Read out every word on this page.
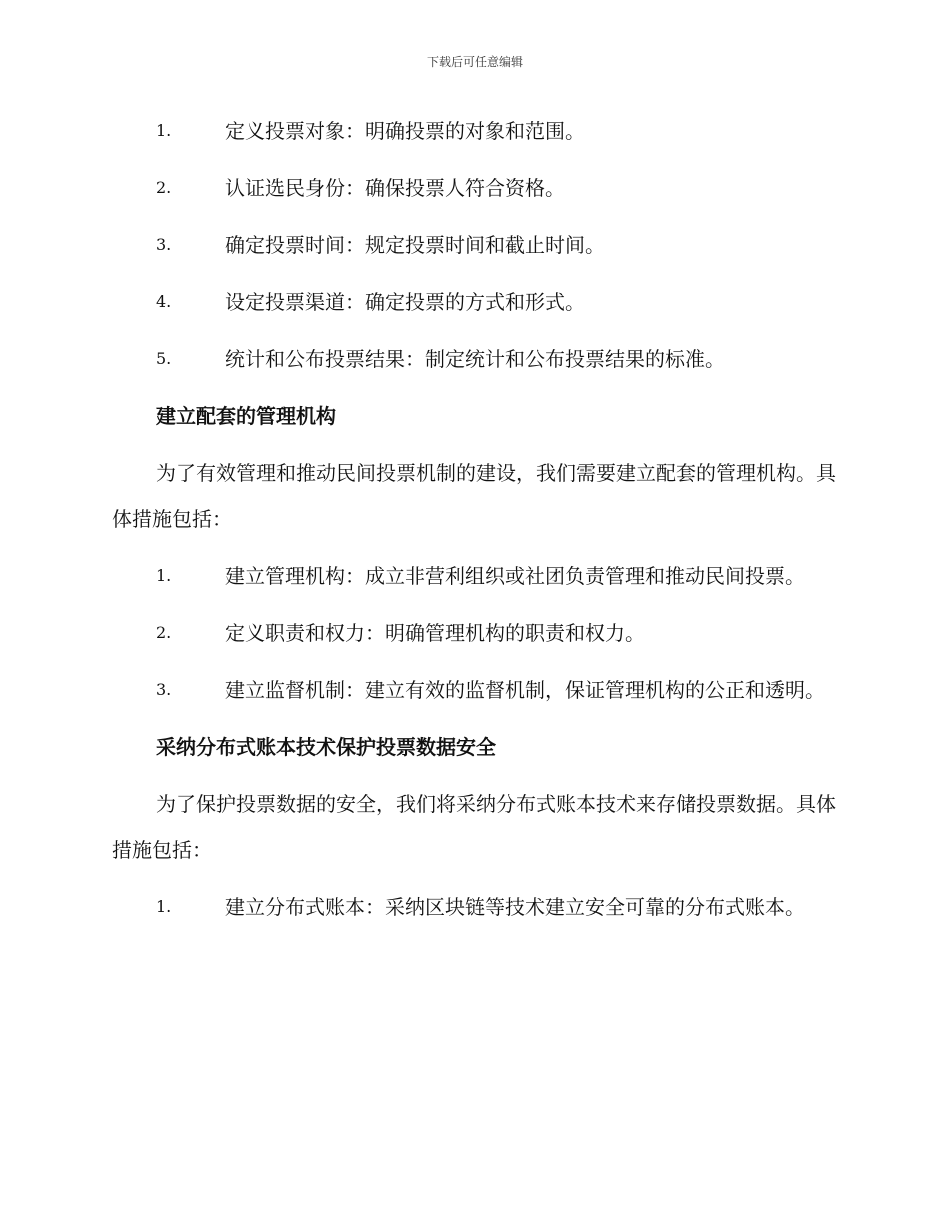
下载后可任意编辑
1.	定义投票对象：明确投票的对象和范围。
2.	认证选民身份：确保投票人符合资格。
3.	确定投票时间：规定投票时间和截止时间。
4.	设定投票渠道：确定投票的方式和形式。
5.	统计和公布投票结果：制定统计和公布投票结果的标准。
建立配套的管理机构
为了有效管理和推动民间投票机制的建设，我们需要建立配套的管理机构。具体措施包括：
1.	建立管理机构：成立非营利组织或社团负责管理和推动民间投票。
2.	定义职责和权力：明确管理机构的职责和权力。
3.	建立监督机制：建立有效的监督机制，保证管理机构的公正和透明。
采纳分布式账本技术保护投票数据安全
为了保护投票数据的安全，我们将采纳分布式账本技术来存储投票数据。具体措施包括：
1.	建立分布式账本：采纳区块链等技术建立安全可靠的分布式账本。
